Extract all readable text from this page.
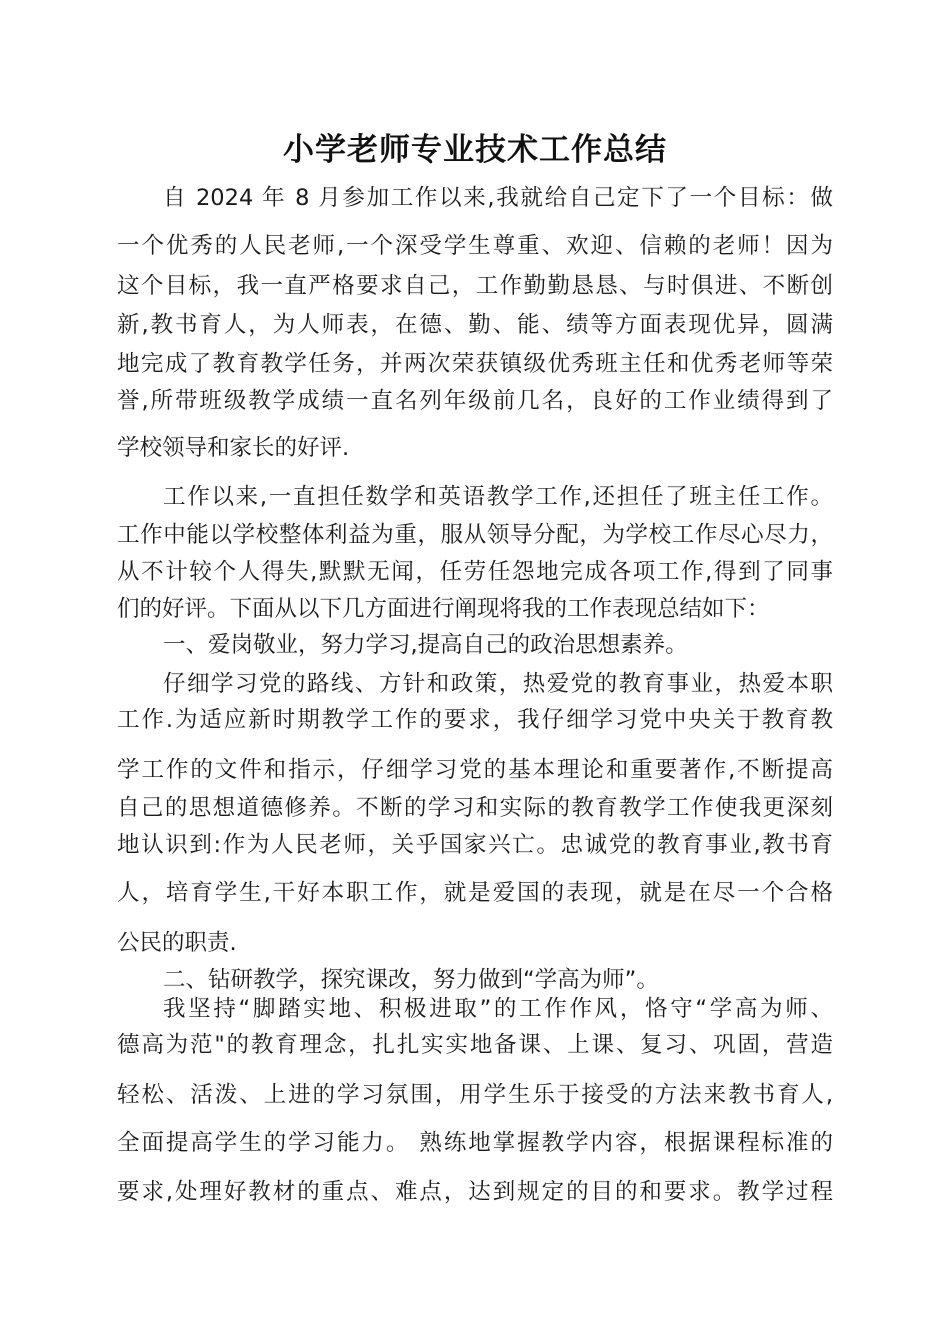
小学老师专业技术工作总结
自 2024 年 8 月参加工作以来,我就给自己定下了一个目标：做
一个优秀的人民老师,一个深受学生尊重、欢迎、信赖的老师！因为
这个目标，我一直严格要求自己，工作勤勤恳恳、与时俱进、不断创
新,教书育人，为人师表，在德、勤、能、绩等方面表现优异，圆满
地完成了教育教学任务，并两次荣获镇级优秀班主任和优秀老师等荣
誉,所带班级教学成绩一直名列年级前几名，良好的工作业绩得到了
学校领导和家长的好评.
工作以来,一直担任数学和英语教学工作,还担任了班主任工作。
工作中能以学校整体利益为重，服从领导分配，为学校工作尽心尽力，
从不计较个人得失,默默无闻，任劳任怨地完成各项工作,得到了同事
们的好评。下面从以下几方面进行阐现将我的工作表现总结如下：
一、爱岗敬业，努力学习,提高自己的政治思想素养。
仔细学习党的路线、方针和政策，热爱党的教育事业，热爱本职
工作.为适应新时期教学工作的要求，我仔细学习党中央关于教育教
学工作的文件和指示，仔细学习党的基本理论和重要著作,不断提高
自己的思想道德修养。不断的学习和实际的教育教学工作使我更深刻
地认识到:作为人民老师，关乎国家兴亡。忠诚党的教育事业,教书育
人，培育学生,干好本职工作，就是爱国的表现，就是在尽一个合格
公民的职责.
二、钻研教学，探究课改，努力做到“学高为师”。
我坚持“脚踏实地、积极进取”的工作作风，恪守“学高为师、
德高为范"的教育理念，扎扎实实地备课、上课、复习、巩固，营造
轻松、活泼、上进的学习氛围，用学生乐于接受的方法来教书育人,
全面提高学生的学习能力。 熟练地掌握教学内容，根据课程标准的
要求,处理好教材的重点、难点，达到规定的目的和要求。教学过程
